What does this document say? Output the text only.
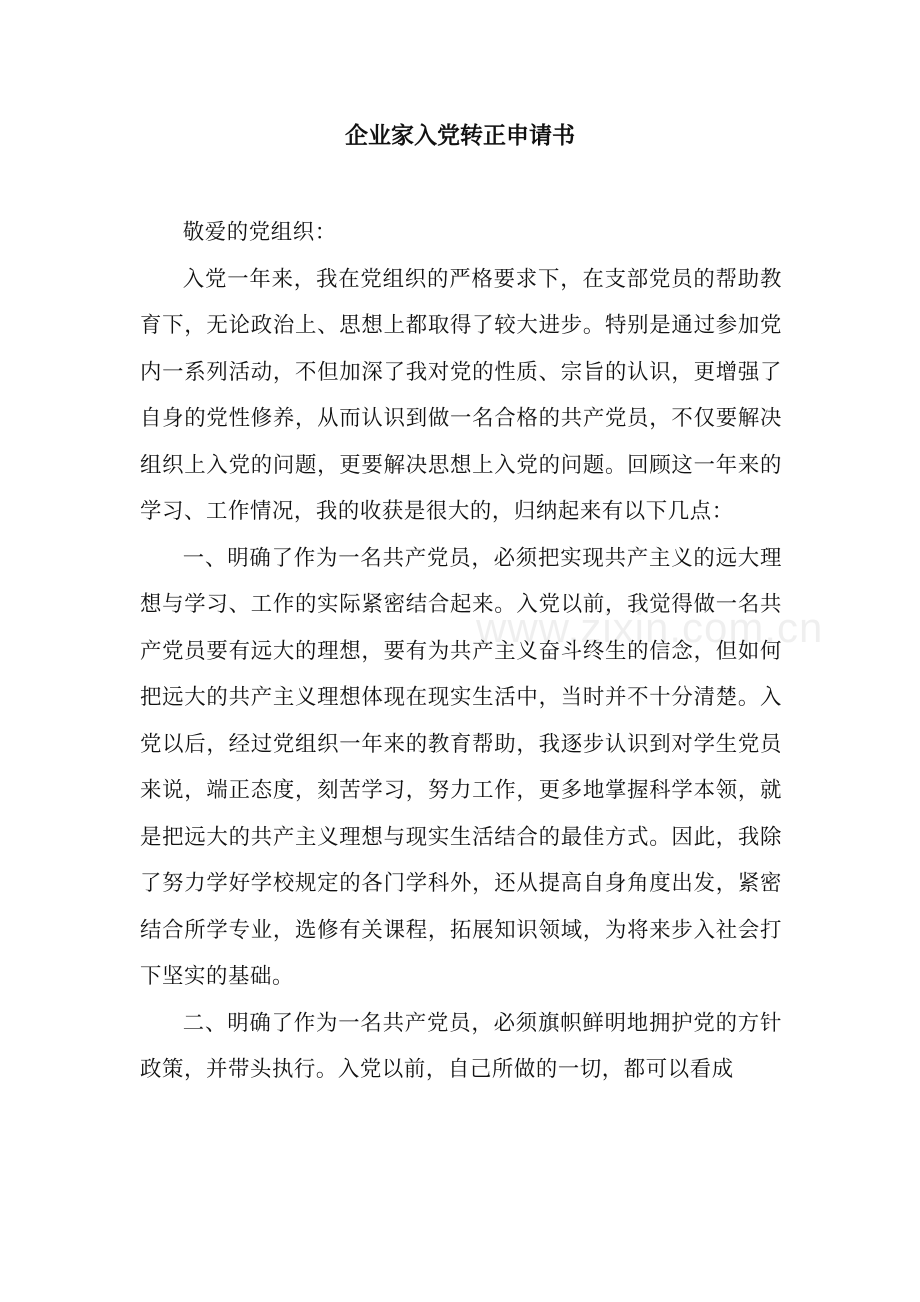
企业家入党转正申请书

敬爱的党组织：

入党一年来，我在党组织的严格要求下，在支部党员的帮助教育下，无论政治上、思想上都取得了较大进步。特别是通过参加党内一系列活动，不但加深了我对党的性质、宗旨的认识，更增强了自身的党性修养，从而认识到做一名合格的共产党员，不仅要解决组织上入党的问题，更要解决思想上入党的问题。回顾这一年来的学习、工作情况，我的收获是很大的，归纳起来有以下几点：

一、明确了作为一名共产党员，必须把实现共产主义的远大理想与学习、工作的实际紧密结合起来。入党以前，我觉得做一名共产党员要有远大的理想，要有为共产主义奋斗终生的信念，但如何把远大的共产主义理想体现在现实生活中，当时并不十分清楚。入党以后，经过党组织一年来的教育帮助，我逐步认识到对学生党员来说，端正态度，刻苦学习，努力工作，更多地掌握科学本领，就是把远大的共产主义理想与现实生活结合的最佳方式。因此，我除了努力学好学校规定的各门学科外，还从提高自身角度出发，紧密结合所学专业，选修有关课程，拓展知识领域，为将来步入社会打下坚实的基础。

二、明确了作为一名共产党员，必须旗帜鲜明地拥护党的方针政策，并带头执行。入党以前，自己所做的一切，都可以看成

www.zixin.com.cn
